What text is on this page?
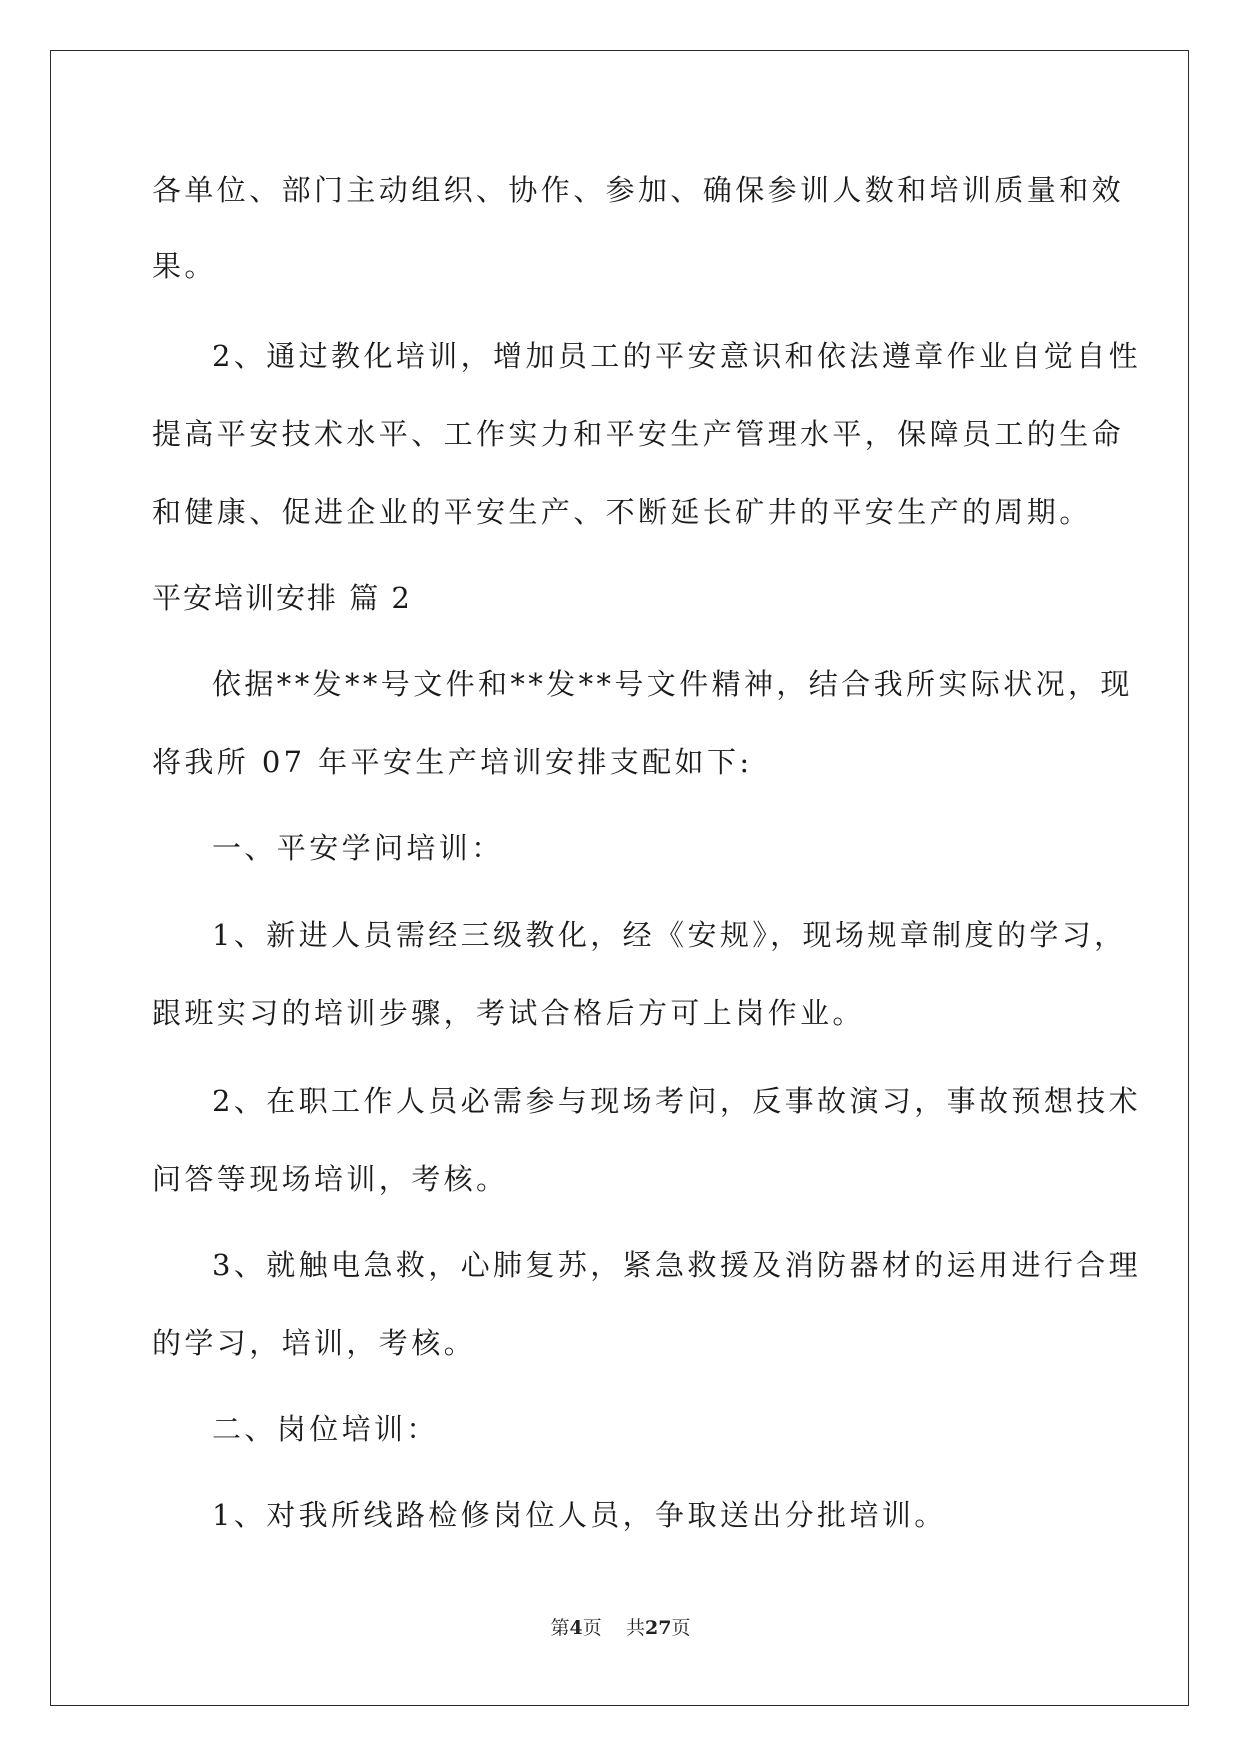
各单位、部门主动组织、协作、参加、确保参训人数和培训质量和效
果。
2、通过教化培训，增加员工的平安意识和依法遵章作业自觉自性
提高平安技术水平、工作实力和平安生产管理水平，保障员工的生命
和健康、促进企业的平安生产、不断延长矿井的平安生产的周期。
平安培训安排 篇 2
依据**发**号文件和**发**号文件精神，结合我所实际状况，现
将我所 07 年平安生产培训安排支配如下:
一、平安学问培训：
1、新进人员需经三级教化，经《安规》，现场规章制度的学习，
跟班实习的培训步骤，考试合格后方可上岗作业。
2、在职工作人员必需参与现场考问，反事故演习，事故预想技术
问答等现场培训，考核。
3、就触电急救，心肺复苏，紧急救援及消防器材的运用进行合理
的学习，培训，考核。
二、岗位培训：
1、对我所线路检修岗位人员，争取送出分批培训。
第4页 共27页
